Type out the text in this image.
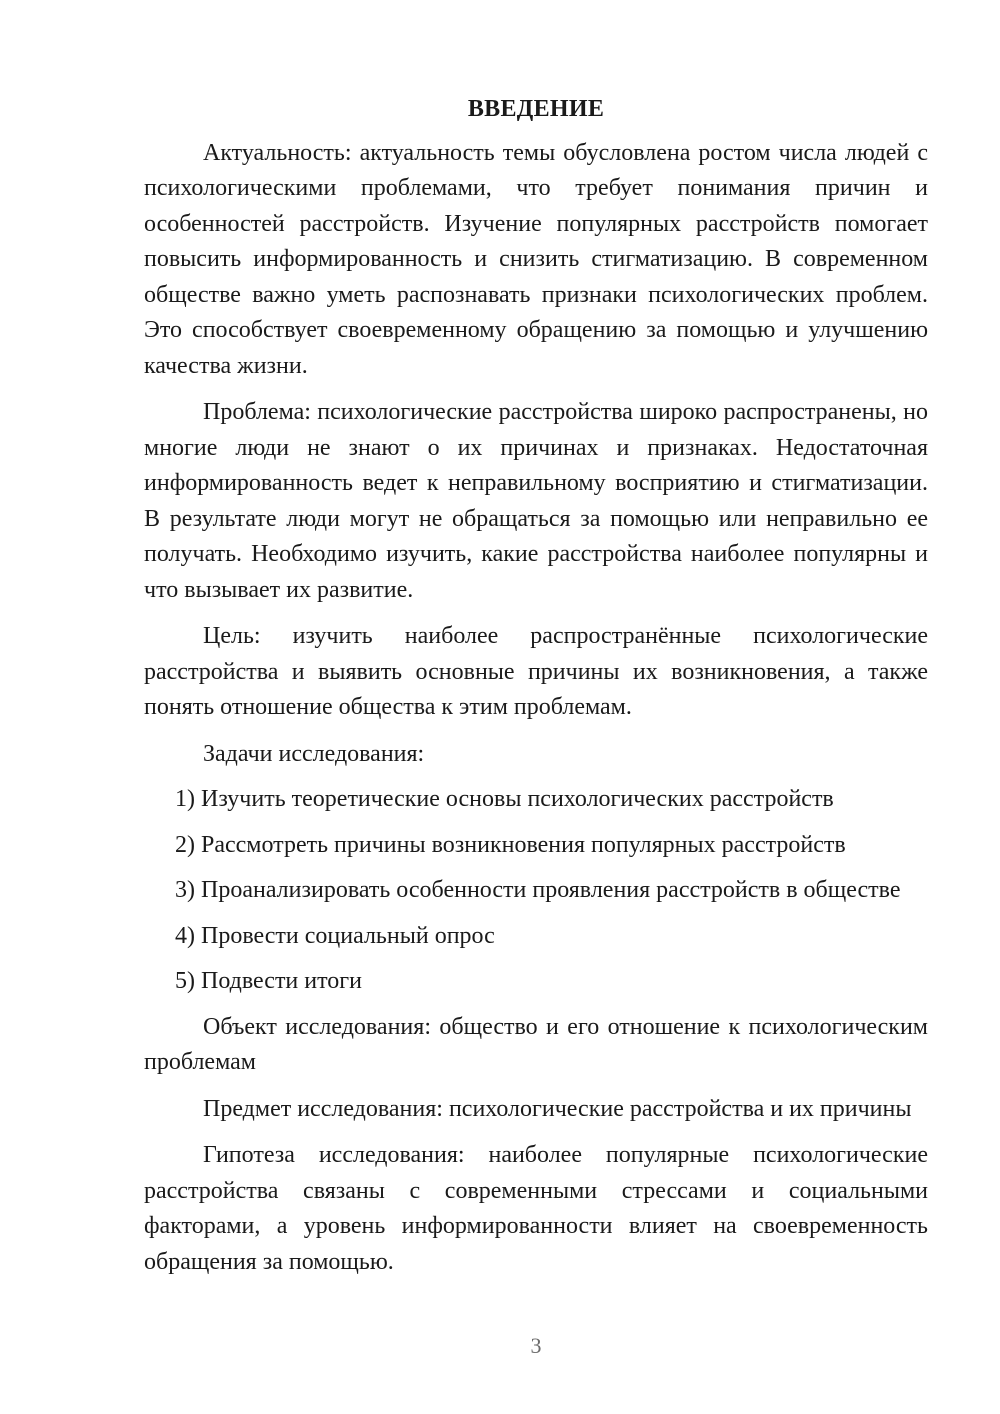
ВВЕДЕНИЕ

Актуальность: актуальность темы обусловлена ростом числа людей с психологическими проблемами, что требует понимания причин и особенностей расстройств. Изучение популярных расстройств помогает повысить информированность и снизить стигматизацию. В современном обществе важно уметь распознавать признаки психологических проблем. Это способствует своевременному обращению за помощью и улучшению качества жизни.

Проблема: психологические расстройства широко распространены, но многие люди не знают о их причинах и признаках. Недостаточная информированность ведет к неправильному восприятию и стигматизации. В результате люди могут не обращаться за помощью или неправильно ее получать. Необходимо изучить, какие расстройства наиболее популярны и что вызывает их развитие.

Цель: изучить наиболее распространённые психологические расстройства и выявить основные причины их возникновения, а также понять отношение общества к этим проблемам.

Задачи исследования:

1) Изучить теоретические основы психологических расстройств
2) Рассмотреть причины возникновения популярных расстройств
3) Проанализировать особенности проявления расстройств в обществе
4) Провести социальный опрос
5) Подвести итоги

Объект исследования: общество и его отношение к психологическим проблемам

Предмет исследования: психологические расстройства и их причины

Гипотеза исследования: наиболее популярные психологические расстройства связаны с современными стрессами и социальными факторами, а уровень информированности влияет на своевременность обращения за помощью.

3
